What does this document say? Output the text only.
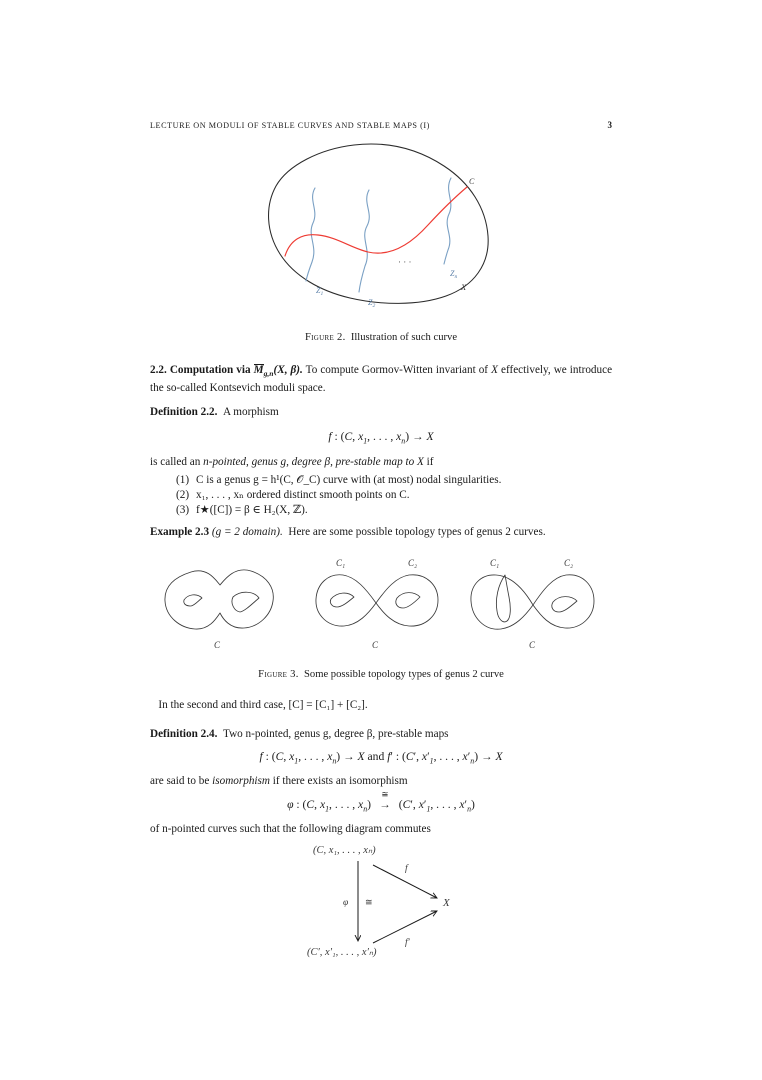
LECTURE ON MODULI OF STABLE CURVES AND STABLE MAPS (I)	3
$Z_1$
$Z_2$
$Z_n$
C
X
· · ·
Figure 2. Illustration of such curve
2.2. Computation via $M_{g,n}(X$, β). To compute Gormov-Witten invariant of X effectively, we introduce the so-called Kontsevich moduli space.
Definition 2.2. A morphism
f : (C, $x_1$, . . . , $x_n) \to X$
is called an n-pointed, genus g, degree β, pre-stable map to X if
(1) C is a genus g = h¹(C, 𝒪_C) curve with (at most) nodal singularities.
(2) x₁, . . . , xₙ ordered distinct smooth points on C.
(3) f★([C]) = β ∈ H₂(X, ℤ).
Example 2.3 (g = 2 domain). Here are some possible topology types of genus 2 curves.
C
C₁	C₂
C
C₁	C₂
C
Figure 3. Some possible topology types of genus 2 curve
In the second and third case, [C] = [C₁] + [C₂].
Definition 2.4. Two n-pointed, genus g, degree β, pre-stable maps
f : (C, $x_1$, . . . , $x_n) \to X$ and f′ : (C′, $x'_1$, . . . , $x'_n) \to X$
are said to be isomorphism if there exists an isomorphism
φ : (C, $x_1$, . . . , $x_n$)
≅
→ (C′, $x'_1$, . . . , $x'_n$)
of n-pointed curves such that the following diagram commutes
(C, x₁, . . . , xₙ)
(C′, x′₁, . . . , x′ₙ)
X
φ ≅
f
f′
